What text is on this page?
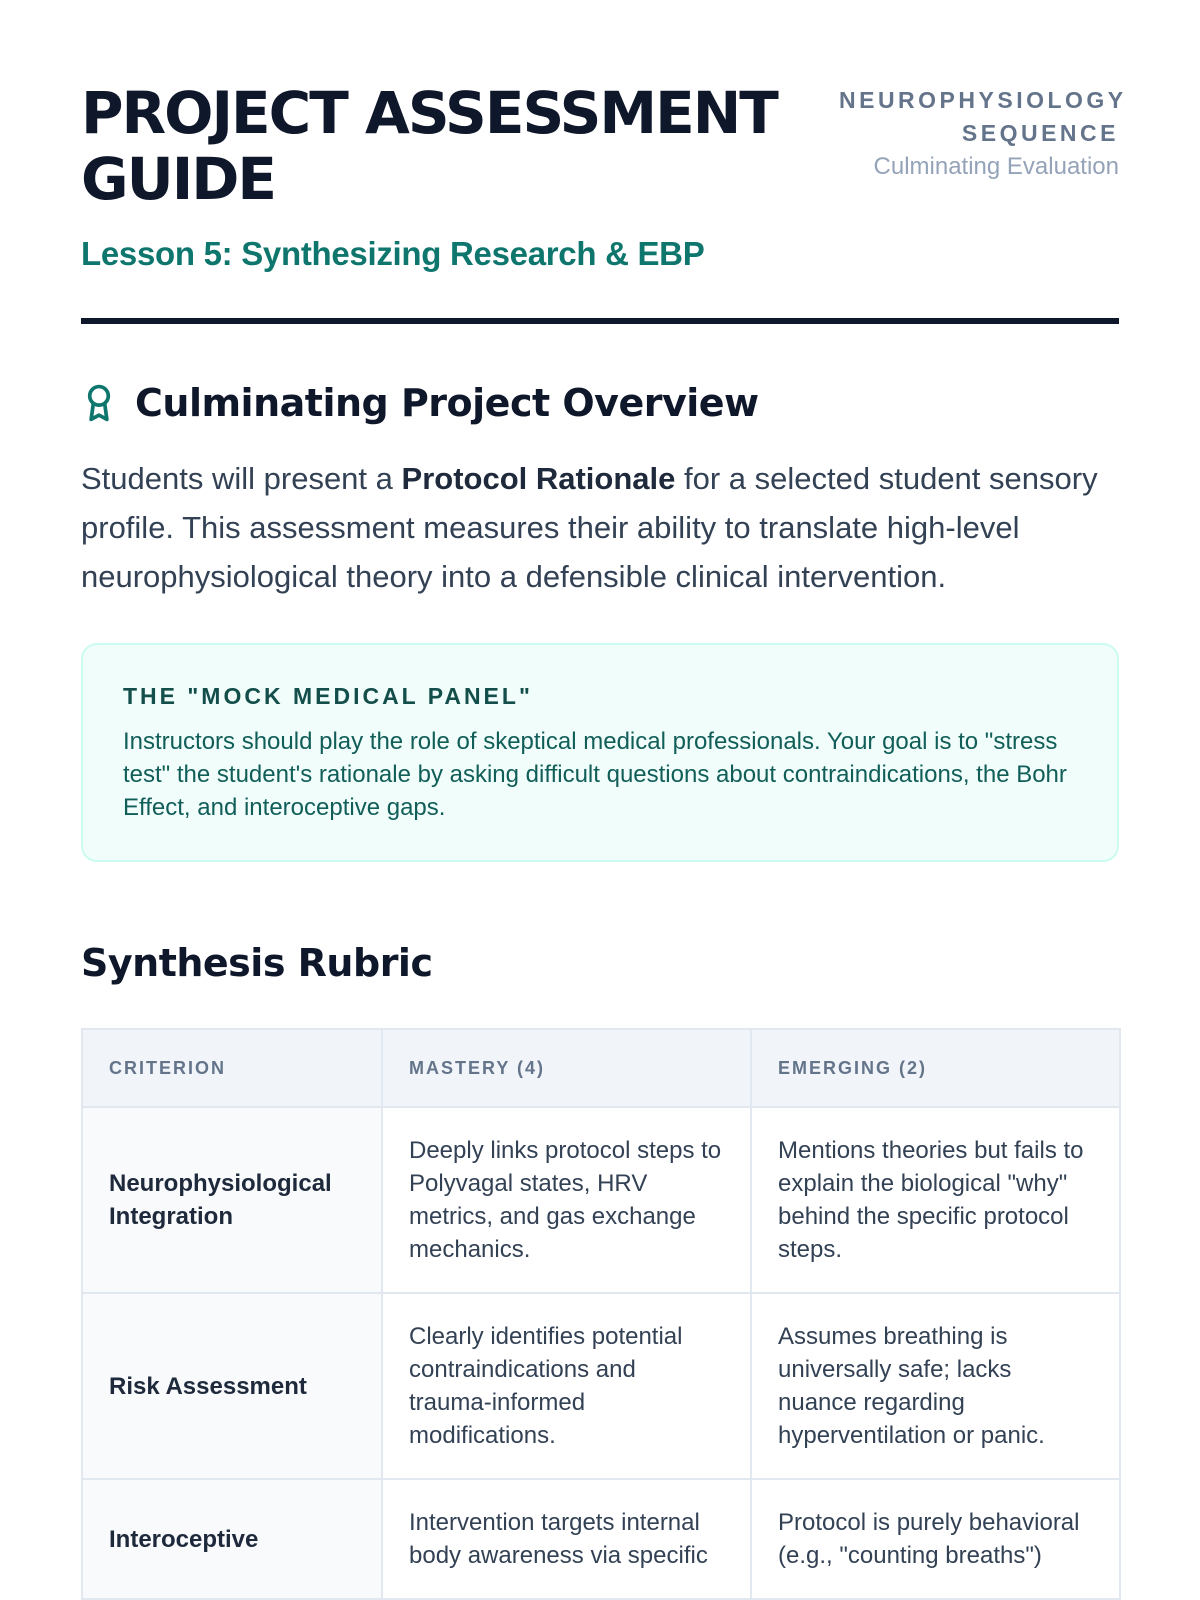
PROJECT ASSESSMENT GUIDE

Lesson 5: Synthesizing Research & EBP

NEUROPHYSIOLOGY SEQUENCE
Culminating Evaluation
Culminating Project Overview

Students will present a Protocol Rationale for a selected student sensory profile. This assessment measures their ability to translate high-level neurophysiological theory into a defensible clinical intervention.

THE "MOCK MEDICAL PANEL"

Instructors should play the role of skeptical medical professionals. Your goal is to "stress test" the student's rationale by asking difficult questions about contraindications, the Bohr Effect, and interoceptive gaps.

Synthesis Rubric
CRITERION	MASTERY (4)	EMERGING (2)
Neurophysiological Integration	Deeply links protocol steps to Polyvagal states, HRV metrics, and gas exchange mechanics.	Mentions theories but fails to explain the biological "why" behind the specific protocol steps.
Risk Assessment	Clearly identifies potential contraindications and trauma-informed modifications.	Assumes breathing is universally safe; lacks nuance regarding hyperventilation or panic.
Interoceptive	Intervention targets internal body awareness via specific	Protocol is purely behavioral (e.g., "counting breaths")
